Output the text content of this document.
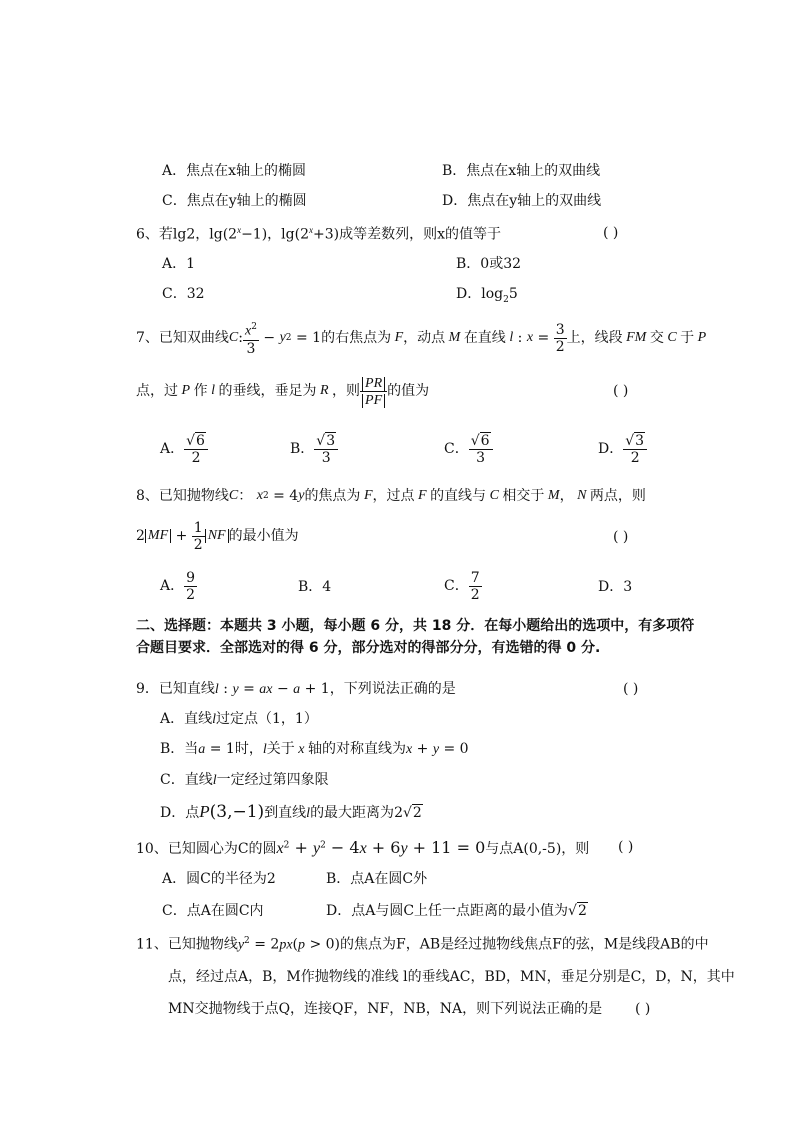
A．焦点在x轴上的椭圆	B．焦点在x轴上的双曲线
C．焦点在y轴上的椭圆	D．焦点在y轴上的双曲线
6、若lg2，$\lg(2^x-1)$，$\lg(2^x+3)$成等差数列，则x的值等于	( )
A．1	B．0或32
C．32	D．$\log_25$
7、已知双曲线 C : $\frac{x^2}{3} - y$ 2 = 1 的右焦点为 F ，动点 M 在直线 l : $x = \frac{3}{2}$ 上，线段 FM 交 C 于 P
点，过 P 作 l 的垂线，垂足为 R ，则 $\frac{PR}{PF}$ 的值为	( )
A． $\frac{√6}{2}$	B． $\frac{√3}{3}$	C． $\frac{√6}{3}$	D． $\frac{√3}{2}$
8、已知抛物线 C ： x 2 = 4 y 的焦点为 F ，过点 F 的直线与 C 相交于 M ， N 两点，则
2 MF + $\frac{1}{2}$ NF 的最小值为	( )
A． $\frac{9}{2}$	B．4	C． $\frac{7}{2}$	D．3
二、选择题：本题共 3 小题，每小题 6 分，共 18 分．在每小题给出的选项中，有多项符
合题目要求．全部选对的得 6 分，部分选对的得部分分，有选错的得 0 分.
9．已知直线l : y = ax − a + 1，下列说法正确的是	( )
A．直线l过定点（1，1）
B．当a = 1时，l关于 x 轴的对称直线为x + y = 0
C．直线l一定经过第四象限
D．点P(3,−1)到直线l的最大距离为2√2
10、已知圆心为C的圆$x^2 + y^2 - 4x + 6y + 11 = 0$与点A(0,-5)，则 ( )
A．圆C的半径为2	B．点A在圆C外
C．点A在圆C内	D．点A与圆C上任一点距离的最小值为√2
11、已知抛物线$y^2 = 2px(p > 0)$的焦点为F，AB是经过抛物线焦点F的弦，M是线段AB的中
点，经过点A，B，M作抛物线的准线 l的垂线AC，BD，MN，垂足分别是C，D，N，其中
MN交抛物线于点Q，连接QF，NF，NB，NA，则下列说法正确的是 ( )
